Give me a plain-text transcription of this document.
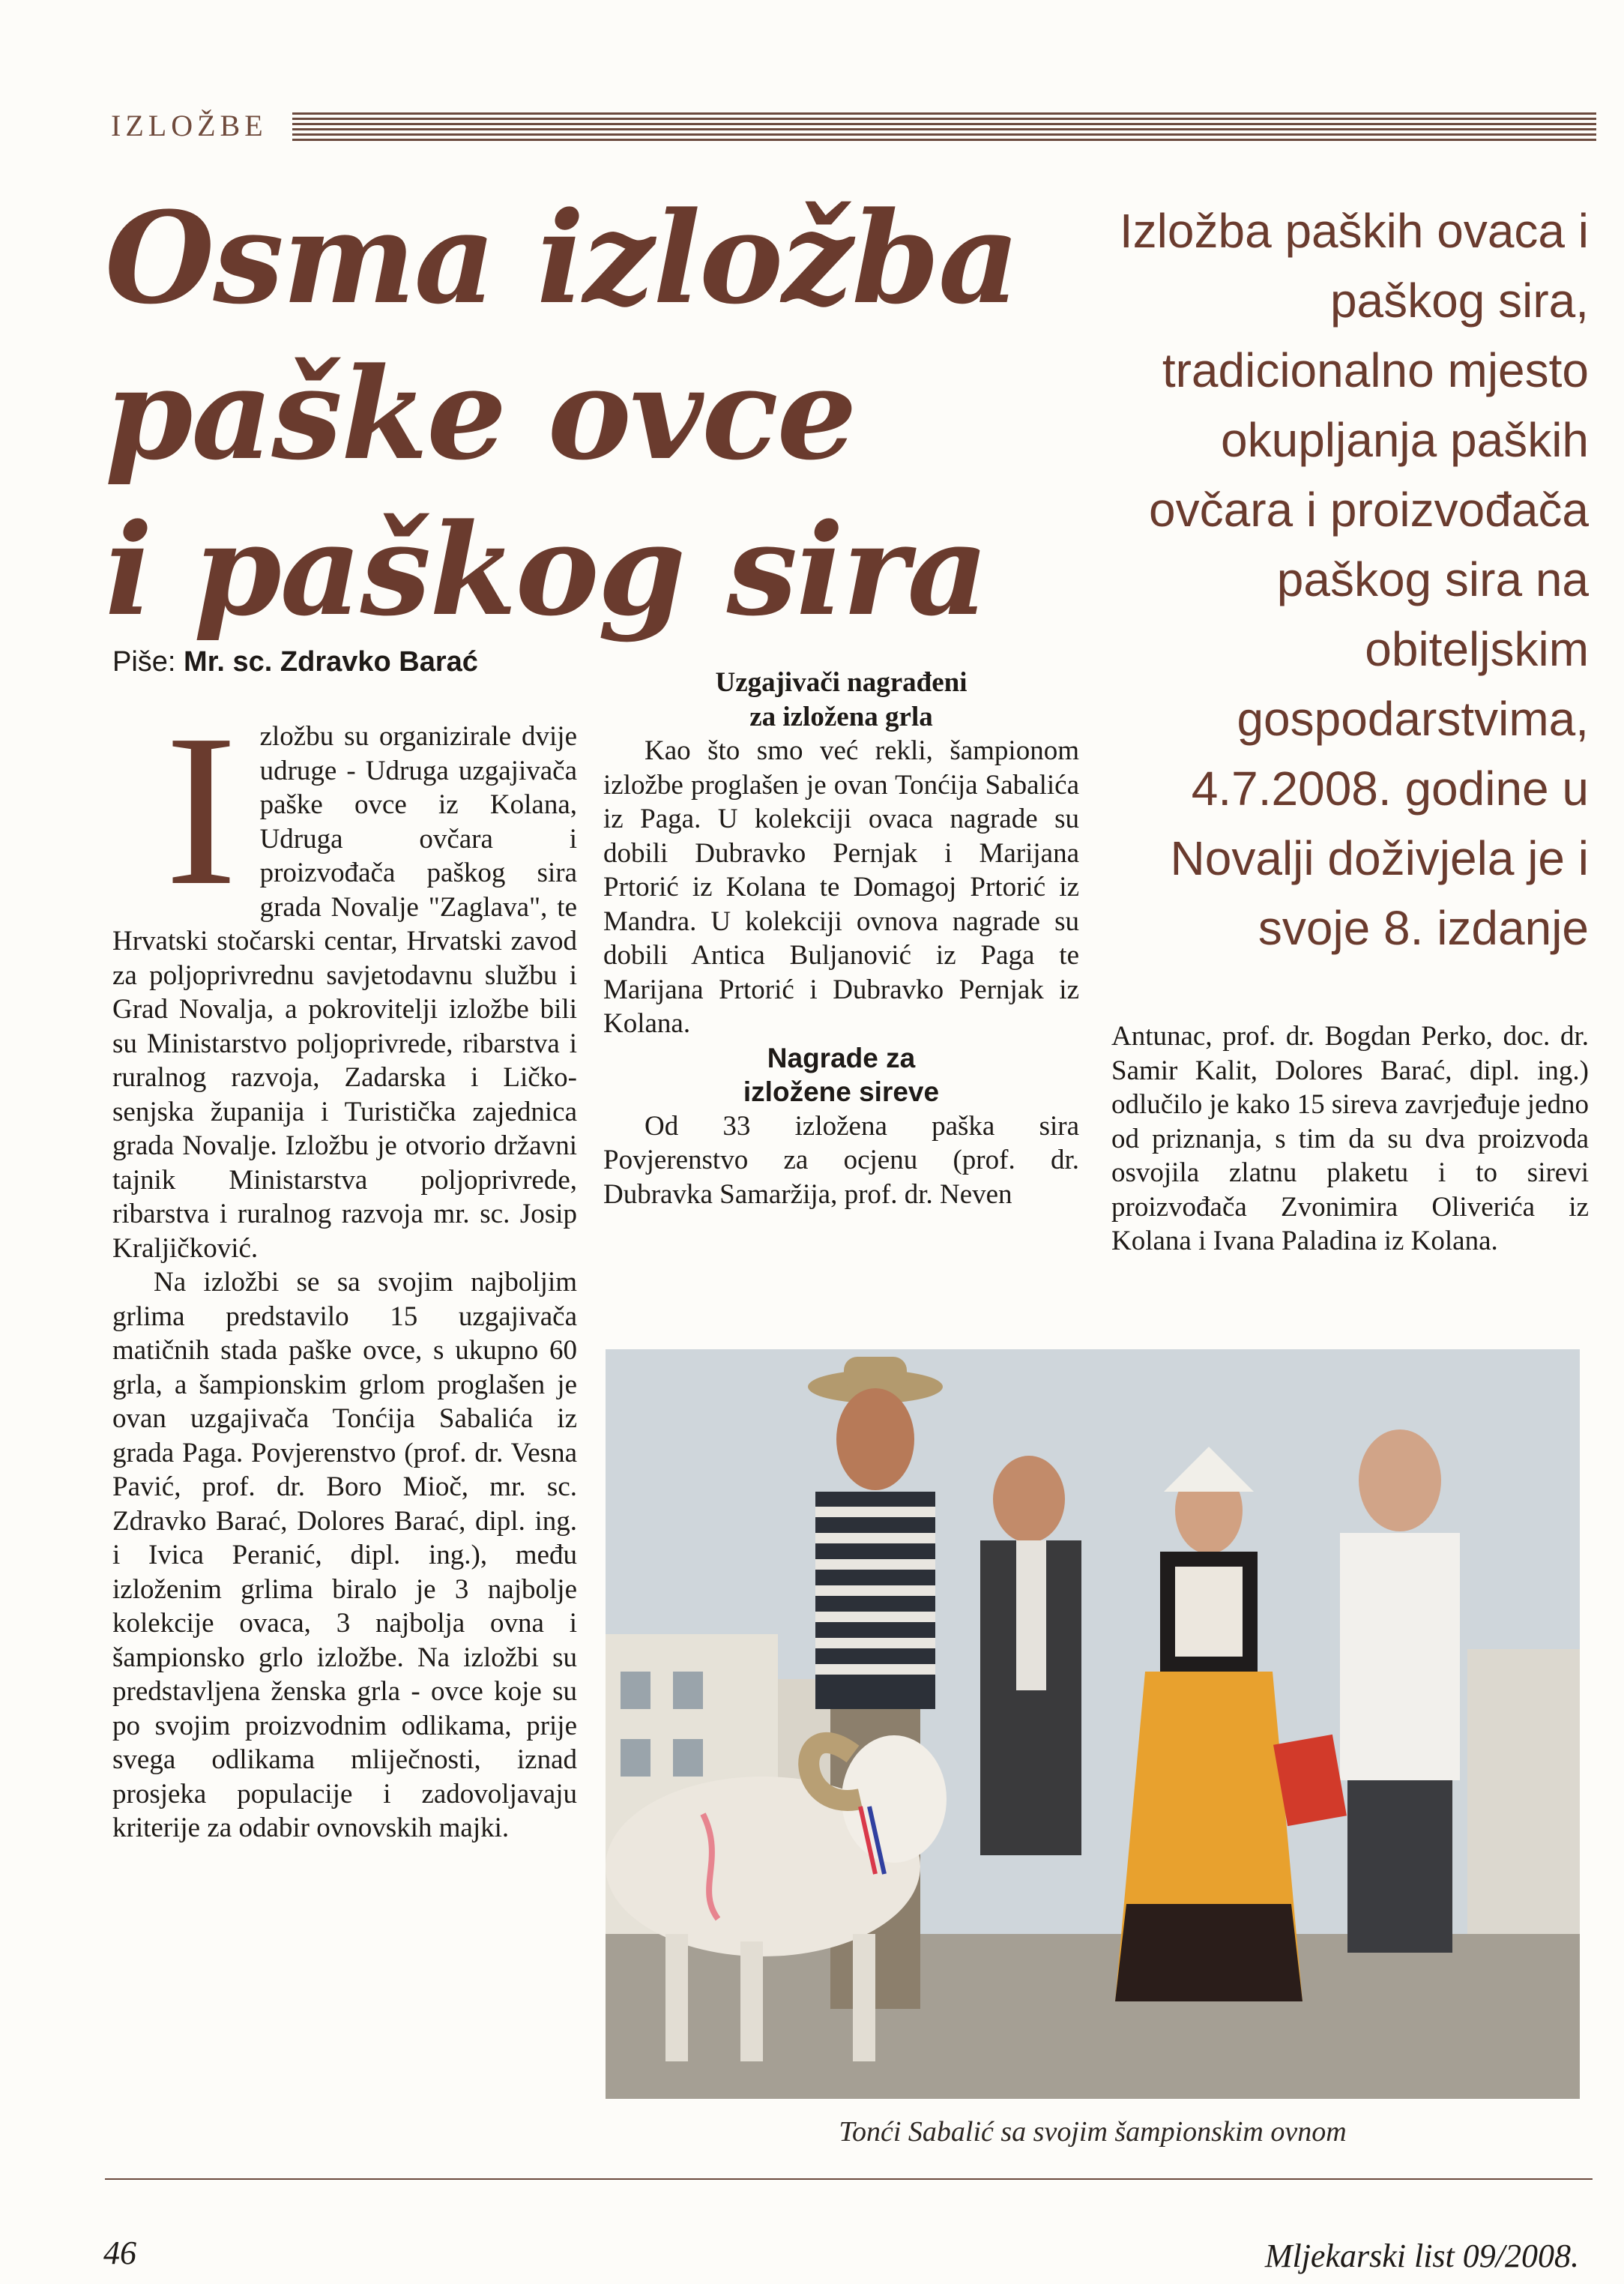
IZLOŽBE
Osma izložba
paške ovce
i paškog sira
Piše: Mr. sc. Zdravko Barać
Izložba paških ovaca i paškog sira, tradicionalno mjesto okupljanja paških ovčara i proizvođača paškog sira na obiteljskim gospodarstvima, 4.7.2008. godine u Novalji doživjela je i svoje 8. izdanje

Izložbu su organizirale dvije udruge - Udruga uzgajivača paške ovce iz Kolana, Udruga ovčara i proizvođača paškog sira grada Novalje "Zaglava", te Hrvatski stočarski centar, Hrvatski zavod za poljoprivrednu savjetodavnu službu i Grad Novalja, a pokrovitelji izložbe bili su Ministarstvo poljoprivrede, ribarstva i ruralnog razvoja, Zadarska i Ličko-senjska županija i Turistička zajednica grada Novalje. Izložbu je otvorio državni tajnik Ministarstva poljoprivrede, ribarstva i ruralnog razvoja mr. sc. Josip Kraljičković.

Na izložbi se sa svojim najboljim grlima predstavilo 15 uzgajivača matičnih stada paške ovce, s ukupno 60 grla, a šampionskim grlom proglašen je ovan uzgajivača Tonćija Sabalića iz grada Paga. Povjerenstvo (prof. dr. Vesna Pavić, prof. dr. Boro Mioč, mr. sc. Zdravko Barać, Dolores Barać, dipl. ing. i Ivica Peranić, dipl. ing.), među izloženim grlima biralo je 3 najbolje kolekcije ovaca, 3 najbolja ovna i šampionsko grlo izložbe. Na izložbi su predstavljena ženska grla - ovce koje su po svojim proizvodnim odlikama, prije svega odlikama mliječnosti, iznad prosjeka populacije i zadovoljavaju kriterije za odabir ovnovskih majki.

Uzgajivači nagrađeni
za izložena grla

Kao što smo već rekli, šampionom izložbe proglašen je ovan Tonćija Sabalića iz Paga. U kolekciji ovaca nagrade su dobili Dubravko Pernjak i Marijana Prtorić iz Kolana te Domagoj Prtorić iz Mandra. U kolekciji ovnova nagrade su dobili Antica Buljanović iz Paga te Marijana Prtorić i Dubravko Pernjak iz Kolana.

Nagrade za
izložene sireve

Od 33 izložena paška sira Povjerenstvo za ocjenu (prof. dr. Dubravka Samaržija, prof. dr. Neven

Antunac, prof. dr. Bogdan Perko, doc. dr. Samir Kalit, Dolores Barać, dipl. ing.) odlučilo je kako 15 sireva zavrjeđuje jedno od priznanja, s tim da su dva proizvoda osvojila zlatnu plaketu i to sirevi proizvođača Zvonimira Oliverića iz Kolana i Ivana Paladina iz Kolana.

Tonći Sabalić sa svojim šampionskim ovnom
46	Mljekarski list 09/2008.
